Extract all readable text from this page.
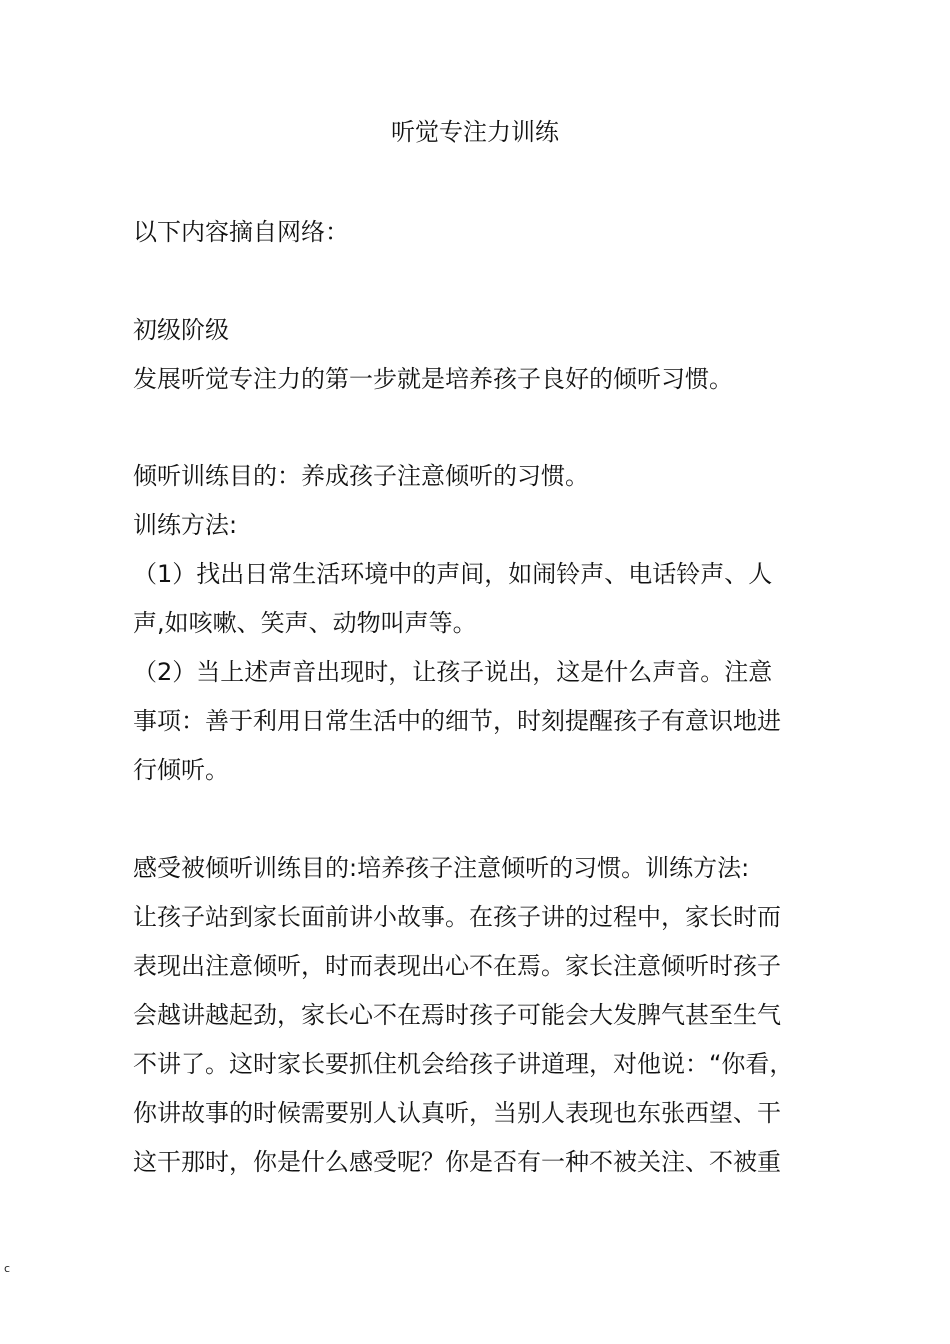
听觉专注力训练

以下内容摘自网络：

初级阶级

发展听觉专注力的第一步就是培养孩子良好的倾听习惯。

倾听训练目的：养成孩子注意倾听的习惯。

训练方法:

（1）找出日常生活环境中的声间，如闹铃声、电话铃声、人

声,如咳嗽、笑声、动物叫声等。

（2）当上述声音出现时，让孩子说出，这是什么声音。注意

事项：善于利用日常生活中的细节，时刻提醒孩子有意识地进

行倾听。

感受被倾听训练目的:培养孩子注意倾听的习惯。训练方法:

让孩子站到家长面前讲小故事。在孩子讲的过程中，家长时而

表现出注意倾听，时而表现出心不在焉。家长注意倾听时孩子

会越讲越起劲，家长心不在焉时孩子可能会大发脾气甚至生气

不讲了。这时家长要抓住机会给孩子讲道理，对他说：“你看，

你讲故事的时候需要别人认真听，当别人表现也东张西望、干

这干那时，你是什么感受呢？你是否有一种不被关注、不被重

c
